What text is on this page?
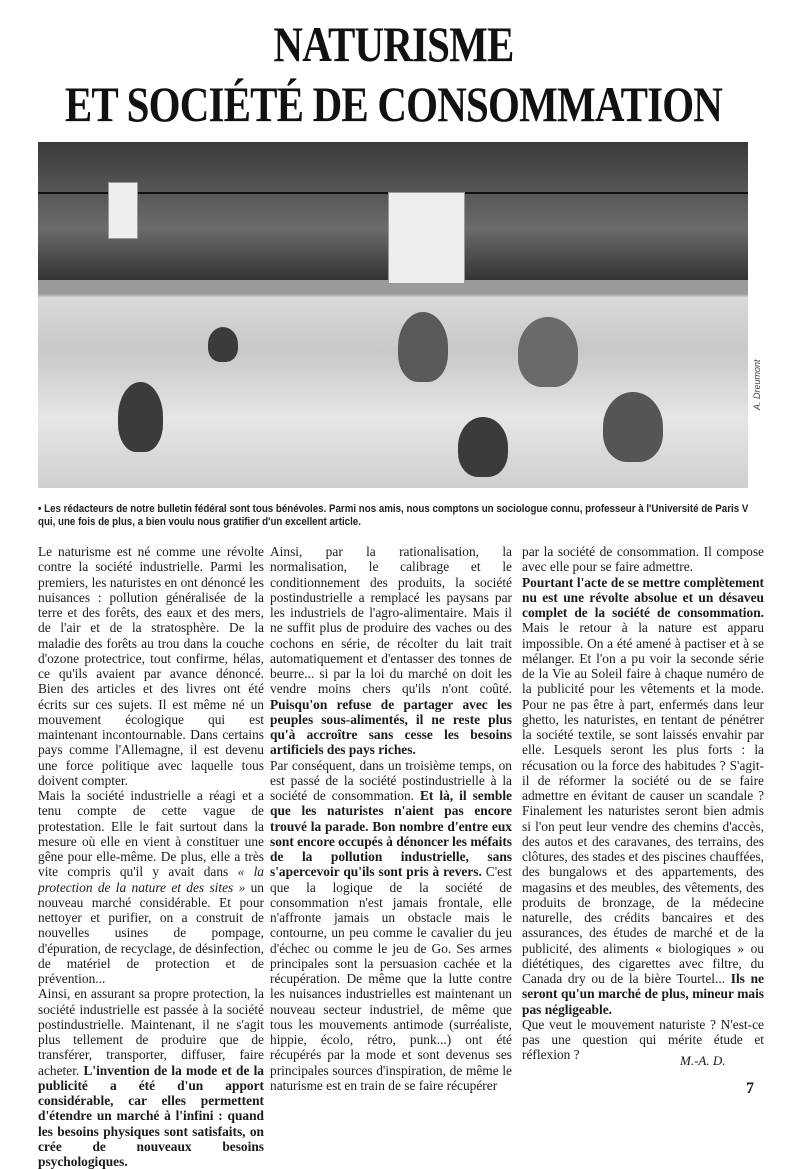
NATURISME
ET SOCIÉTÉ DE CONSOMMATION
A. Dreumont
• Les rédacteurs de notre bulletin fédéral sont tous bénévoles. Parmi nos amis, nous comptons un sociologue connu, professeur à l'Université de Paris V qui, une fois de plus, a bien voulu nous gratifier d'un excellent article.

Le naturisme est né comme une révolte contre la société industrielle. Parmi les premiers, les naturistes en ont dénoncé les nuisances : pollution généralisée de la terre et des forêts, des eaux et des mers, de l'air et de la stratosphère. De la maladie des forêts au trou dans la couche d'ozone protectrice, tout confirme, hélas, ce qu'ils avaient par avance dénoncé. Bien des articles et des livres ont été écrits sur ces sujets. Il est même né un mouvement écologique qui est maintenant incontournable. Dans certains pays comme l'Allemagne, il est devenu une force politique avec laquelle tous doivent compter.

Mais la société industrielle a réagi et a tenu compte de cette vague de protestation. Elle le fait surtout dans la mesure où elle en vient à constituer une gêne pour elle-même. De plus, elle a très vite compris qu'il y avait dans « la protection de la nature et des sites » un nouveau marché considérable. Et pour nettoyer et purifier, on a construit de nouvelles usines de pompage, d'épuration, de recyclage, de désinfection, de matériel de protection et de prévention...

Ainsi, en assurant sa propre protection, la société industrielle est passée à la société postindustrielle. Maintenant, il ne s'agit plus tellement de produire que de transférer, transporter, diffuser, faire acheter. L'invention de la mode et de la publicité a été d'un apport considérable, car elles permettent d'étendre un marché à l'infini : quand les besoins physiques sont satisfaits, on crée de nouveaux besoins psychologiques.

Ainsi, par la rationalisation, la normalisation, le calibrage et le conditionnement des produits, la société postindustrielle a remplacé les paysans par les industriels de l'agro-alimentaire. Mais il ne suffit plus de produire des vaches ou des cochons en série, de récolter du lait trait automatiquement et d'entasser des tonnes de beurre... si par la loi du marché on doit les vendre moins chers qu'ils n'ont coûté. Puisqu'on refuse de partager avec les peuples sous-alimentés, il ne reste plus qu'à accroître sans cesse les besoins artificiels des pays riches.

Par conséquent, dans un troisième temps, on est passé de la société postindustrielle à la société de consommation. Et là, il semble que les naturistes n'aient pas encore trouvé la parade. Bon nombre d'entre eux sont encore occupés à dénoncer les méfaits de la pollution industrielle, sans s'apercevoir qu'ils sont pris à revers. C'est que la logique de la société de consommation n'est jamais frontale, elle n'affronte jamais un obstacle mais le contourne, un peu comme le cavalier du jeu d'échec ou comme le jeu de Go. Ses armes principales sont la persuasion cachée et la récupération. De même que la lutte contre les nuisances industrielles est maintenant un nouveau secteur industriel, de même que tous les mouvements antimode (surréaliste, hippie, écolo, rétro, punk...) ont été récupérés par la mode et sont devenus ses principales sources d'inspiration, de même le naturisme est en train de se faire récupérer

par la société de consommation. Il compose avec elle pour se faire admettre.

Pourtant l'acte de se mettre complètement nu est une révolte absolue et un désaveu complet de la société de consommation. Mais le retour à la nature est apparu impossible. On a été amené à pactiser et à se mélanger. Et l'on a pu voir la seconde série de la Vie au Soleil faire à chaque numéro de la publicité pour les vêtements et la mode. Pour ne pas être à part, enfermés dans leur ghetto, les naturistes, en tentant de pénétrer la société textile, se sont laissés envahir par elle. Lesquels seront les plus forts : la récusation ou la force des habitudes ? S'agit-il de réformer la société ou de se faire admettre en évitant de causer un scandale ? Finalement les naturistes seront bien admis si l'on peut leur vendre des chemins d'accès, des autos et des caravanes, des terrains, des clôtures, des stades et des piscines chauffées, des bungalows et des appartements, des magasins et des meubles, des vêtements, des produits de bronzage, de la médecine naturelle, des crédits bancaires et des assurances, des études de marché et de la publicité, des aliments « biologiques » ou diététiques, des cigarettes avec filtre, du Canada dry ou de la bière Tourtel... Ils ne seront qu'un marché de plus, mineur mais pas négligeable.

Que veut le mouvement naturiste ? N'est-ce pas une question qui mérite étude et réflexion ?	M.-A. D.
7
